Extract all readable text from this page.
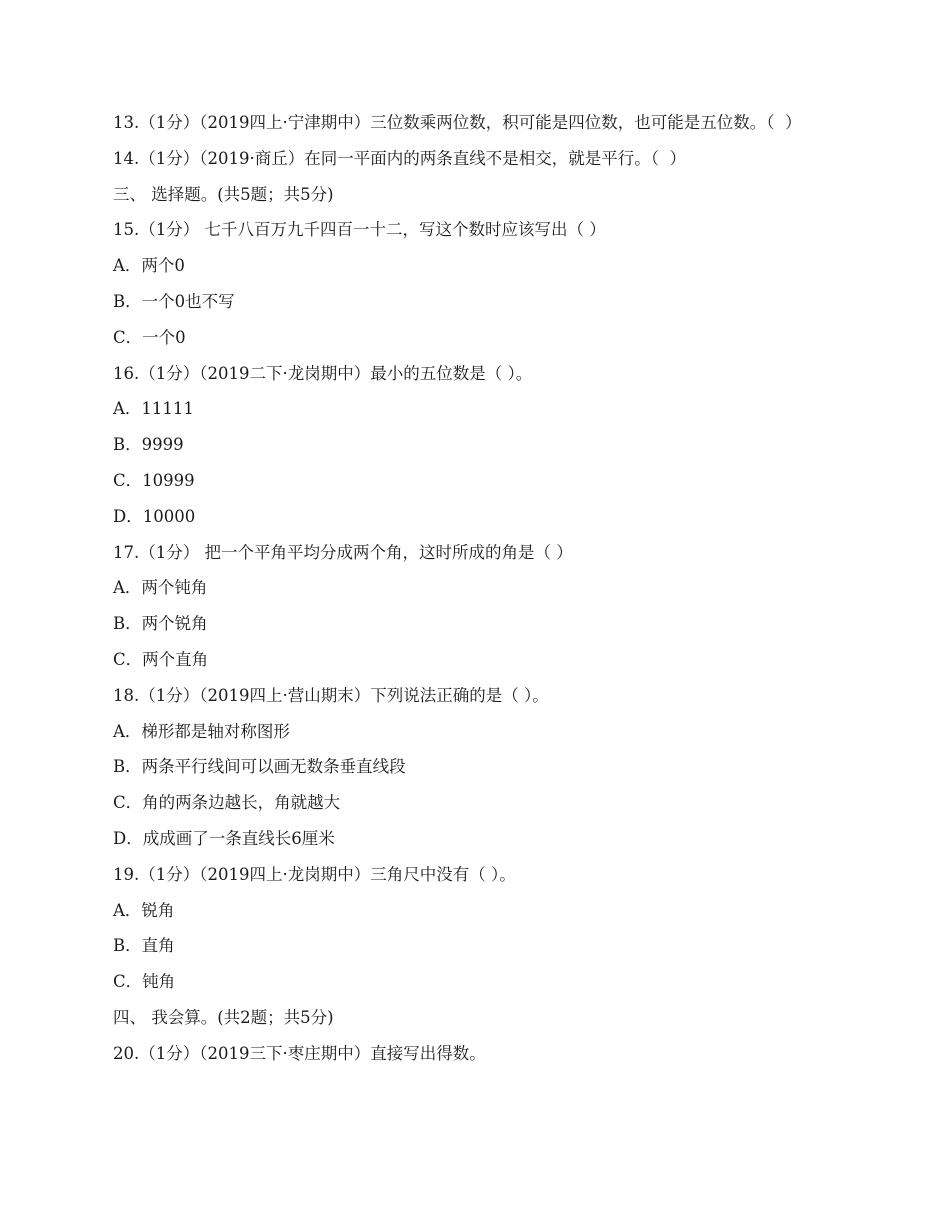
13.（1分）（2019四上·宁津期中）三位数乘两位数，积可能是四位数，也可能是五位数。（  ）
14.（1分）（2019·商丘）在同一平面内的两条直线不是相交，就是平行。（  ）
三、 选择题。(共5题；共5分)
15.（1分） 七千八百万九千四百一十二，写这个数时应该写出（ ）
A．两个0
B．一个0也不写
C．一个0
16.（1分）（2019二下·龙岗期中）最小的五位数是（ ）。
A．11111
B．9999
C．10999
D．10000
17.（1分） 把一个平角平均分成两个角，这时所成的角是（ ）
A．两个钝角
B．两个锐角
C．两个直角
18.（1分）（2019四上·营山期末）下列说法正确的是（ ）。
A．梯形都是轴对称图形
B．两条平行线间可以画无数条垂直线段
C．角的两条边越长，角就越大
D．成成画了一条直线长6厘米
19.（1分）（2019四上·龙岗期中）三角尺中没有（ ）。
A．锐角
B．直角
C．钝角
四、 我会算。(共2题；共5分)
20.（1分）（2019三下·枣庄期中）直接写出得数。
